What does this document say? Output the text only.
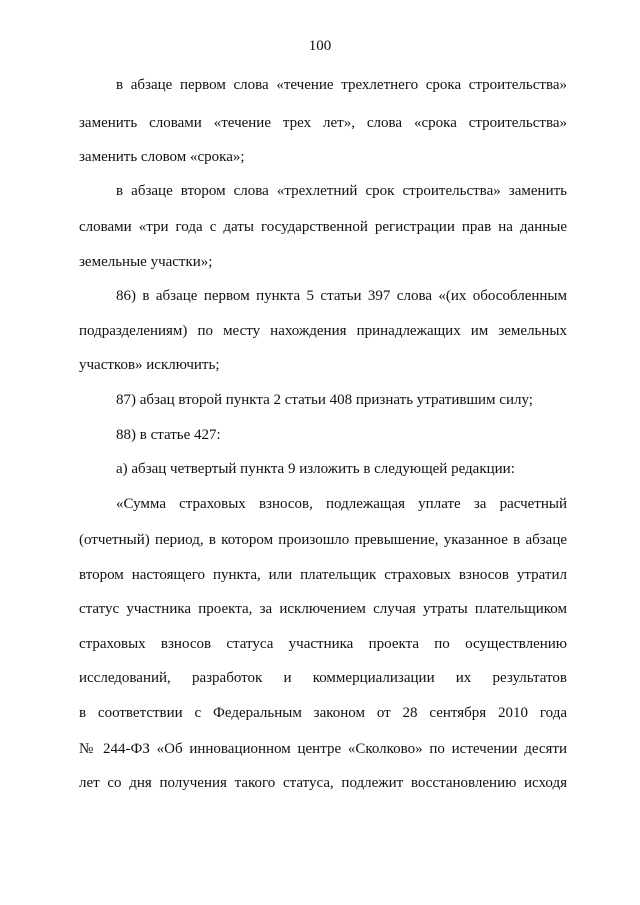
100
в абзаце первом слова «течение трехлетнего срока строительства»
заменить словами «течение трех лет», слова «срока строительства»
заменить словом «срока»;
в абзаце втором слова «трехлетний срок строительства» заменить
словами «три года с даты государственной регистрации прав на данные
земельные участки»;
86) в абзаце первом пункта 5 статьи 397 слова «(их обособленным
подразделениям) по месту нахождения принадлежащих им земельных
участков» исключить;
87) абзац второй пункта 2 статьи 408 признать утратившим силу;
88) в статье 427:
а) абзац четвертый пункта 9 изложить в следующей редакции:
«Сумма страховых взносов, подлежащая уплате за расчетный
(отчетный) период, в котором произошло превышение, указанное в абзаце
втором настоящего пункта, или плательщик страховых взносов утратил
статус участника проекта, за исключением случая утраты плательщиком
страховых взносов статуса участника проекта по осуществлению
исследований, разработок и коммерциализации их результатов
в соответствии с Федеральным законом от 28 сентября 2010 года
№ 244-ФЗ «Об инновационном центре «Сколково» по истечении десяти
лет со дня получения такого статуса, подлежит восстановлению исходя
